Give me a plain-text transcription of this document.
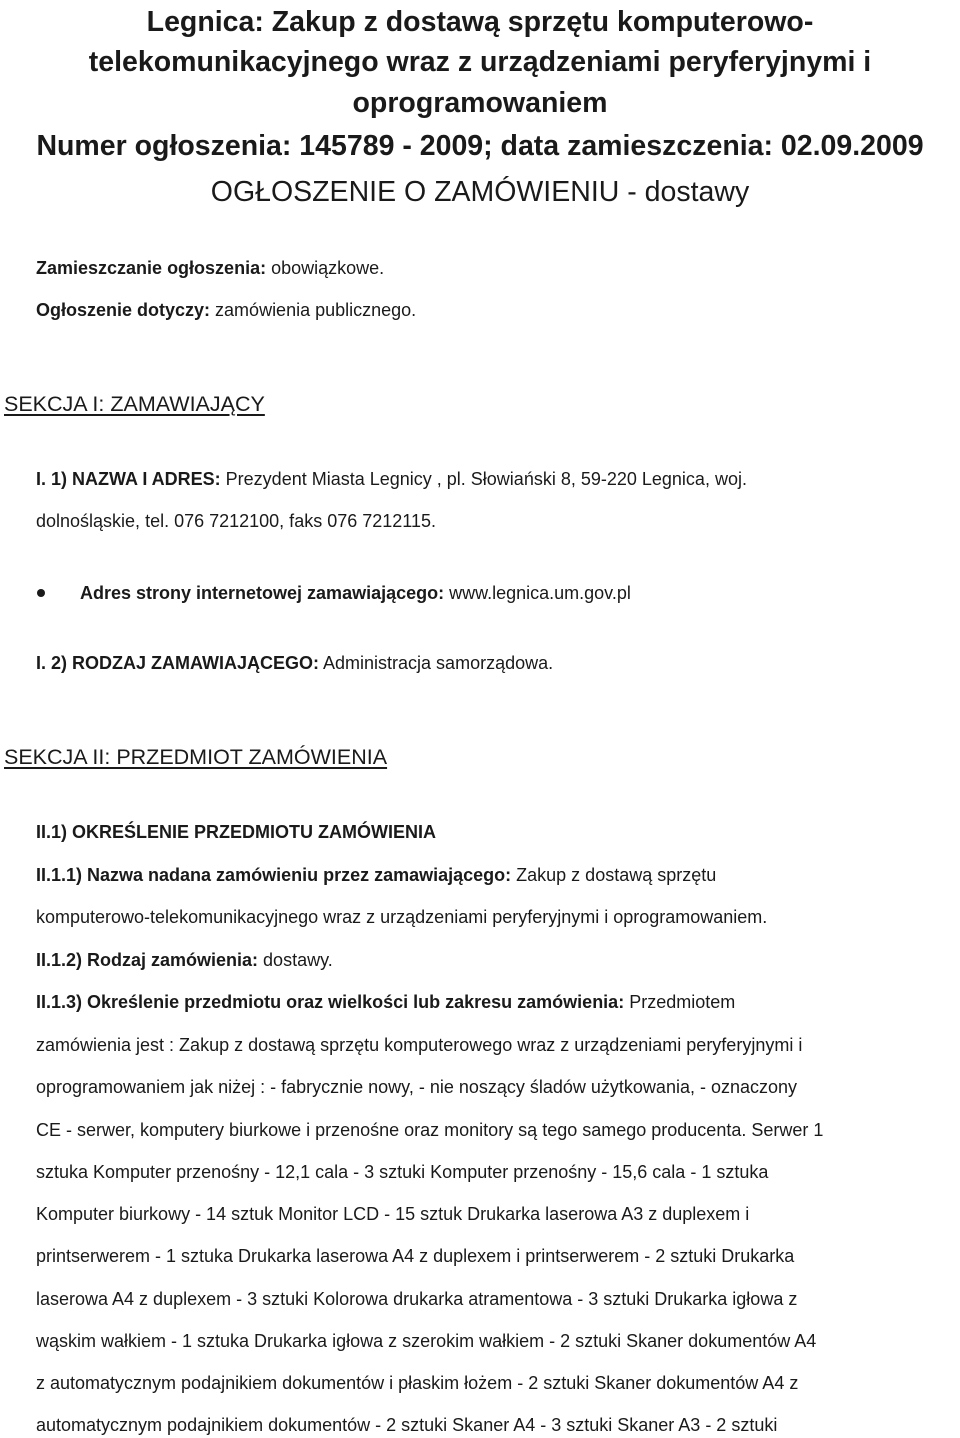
Legnica: Zakup z dostawą sprzętu komputerowo-
telekomunikacyjnego wraz z urządzeniami peryferyjnymi i
oprogramowaniem
Numer ogłoszenia: 145789 - 2009; data zamieszczenia: 02.09.2009
OGŁOSZENIE O ZAMÓWIENIU - dostawy
Zamieszczanie ogłoszenia: obowiązkowe.
Ogłoszenie dotyczy: zamówienia publicznego.
SEKCJA I: ZAMAWIAJĄCY
I. 1) NAZWA I ADRES: Prezydent Miasta Legnicy , pl. Słowiański 8, 59-220 Legnica, woj.
dolnośląskie, tel. 076 7212100, faks 076 7212115.
Adres strony internetowej zamawiającego: www.legnica.um.gov.pl
I. 2) RODZAJ ZAMAWIAJĄCEGO: Administracja samorządowa.
SEKCJA II: PRZEDMIOT ZAMÓWIENIA
II.1) OKREŚLENIE PRZEDMIOTU ZAMÓWIENIA
II.1.1) Nazwa nadana zamówieniu przez zamawiającego: Zakup z dostawą sprzętu
komputerowo-telekomunikacyjnego wraz z urządzeniami peryferyjnymi i oprogramowaniem.
II.1.2) Rodzaj zamówienia: dostawy.
II.1.3) Określenie przedmiotu oraz wielkości lub zakresu zamówienia: Przedmiotem
zamówienia jest : Zakup z dostawą sprzętu komputerowego wraz z urządzeniami peryferyjnymi i
oprogramowaniem jak niżej : - fabrycznie nowy, - nie noszący śladów użytkowania, - oznaczony
CE - serwer, komputery biurkowe i przenośne oraz monitory są tego samego producenta. Serwer 1
sztuka Komputer przenośny - 12,1 cala - 3 sztuki Komputer przenośny - 15,6 cala - 1 sztuka
Komputer biurkowy - 14 sztuk Monitor LCD - 15 sztuk Drukarka laserowa A3 z duplexem i
printserwerem - 1 sztuka Drukarka laserowa A4 z duplexem i printserwerem - 2 sztuki Drukarka
laserowa A4 z duplexem - 3 sztuki Kolorowa drukarka atramentowa - 3 sztuki Drukarka igłowa z
wąskim wałkiem - 1 sztuka Drukarka igłowa z szerokim wałkiem - 2 sztuki Skaner dokumentów A4
z automatycznym podajnikiem dokumentów i płaskim łożem - 2 sztuki Skaner dokumentów A4 z
automatycznym podajnikiem dokumentów - 2 sztuki Skaner A4 - 3 sztuki Skaner A3 - 2 sztuki
